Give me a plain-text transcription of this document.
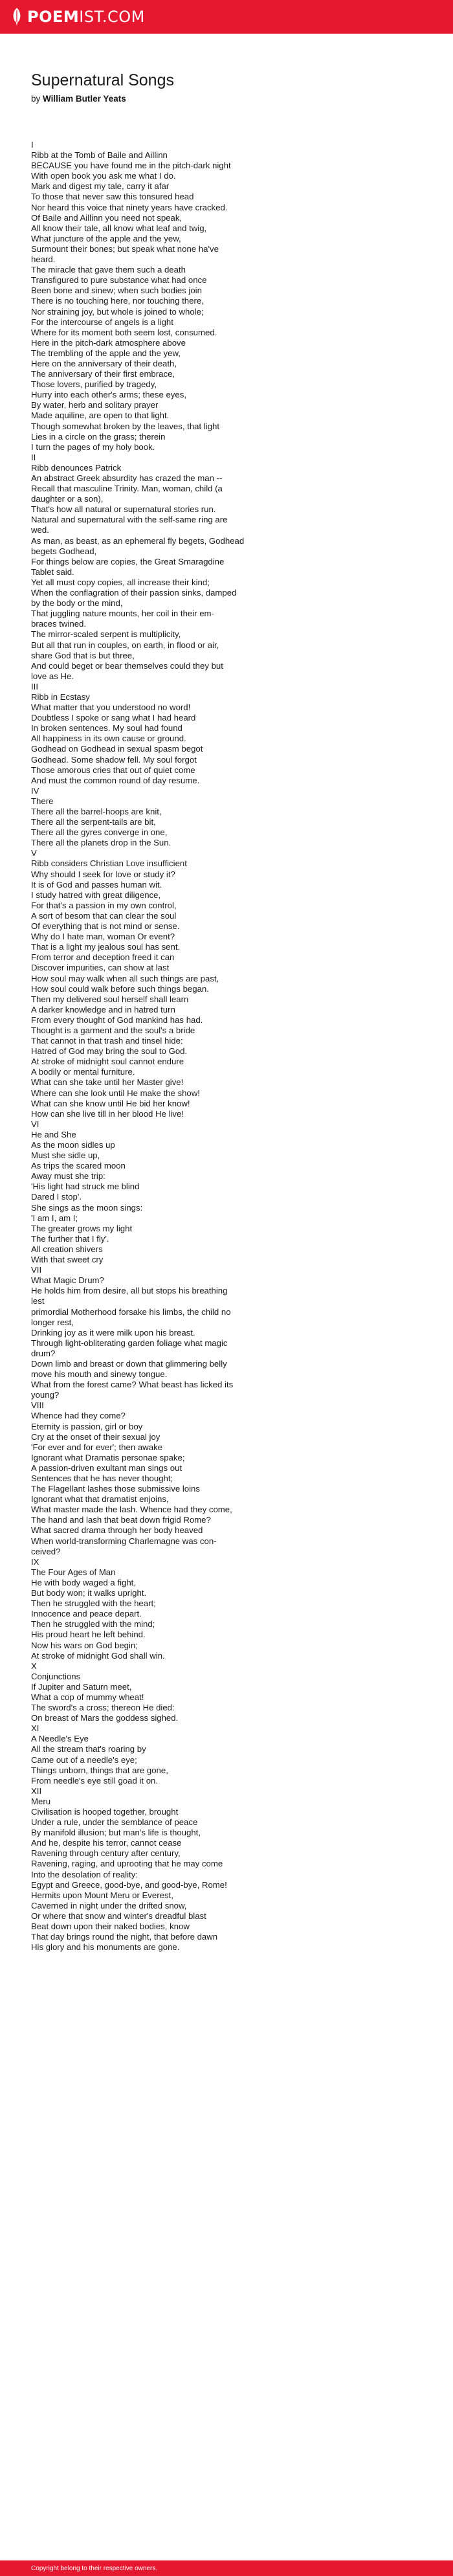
POEMIST.COM
Supernatural Songs
by William Butler Yeats
I
Ribb at the Tomb of Baile and Aillinn
BECAUSE you have found me in the pitch-dark night
With open book you ask me what I do.
Mark and digest my tale, carry it afar
To those that never saw this tonsured head
Nor heard this voice that ninety years have cracked.
Of Baile and Aillinn you need not speak,
All know their tale, all know what leaf and twig,
What juncture of the apple and the yew,
Surmount their bones; but speak what none ha've
heard.
The miracle that gave them such a death
Transfigured to pure substance what had once
Been bone and sinew; when such bodies join
There is no touching here, nor touching there,
Nor straining joy, but whole is joined to whole;
For the intercourse of angels is a light
Where for its moment both seem lost, consumed.
Here in the pitch-dark atmosphere above
The trembling of the apple and the yew,
Here on the anniversary of their death,
The anniversary of their first embrace,
Those lovers, purified by tragedy,
Hurry into each other's arms; these eyes,
By water, herb and solitary prayer
Made aquiline, are open to that light.
Though somewhat broken by the leaves, that light
Lies in a circle on the grass; therein
I turn the pages of my holy book.
II
Ribb denounces Patrick
An abstract Greek absurdity has crazed the man --
Recall that masculine Trinity. Man, woman, child (a
daughter or a son),
That's how all natural or supernatural stories run.
Natural and supernatural with the self-same ring are
wed.
As man, as beast, as an ephemeral fly begets, Godhead
begets Godhead,
For things below are copies, the Great Smaragdine
Tablet said.
Yet all must copy copies, all increase their kind;
When the conflagration of their passion sinks, damped
by the body or the mind,
That juggling nature mounts, her coil in their em-
braces twined.
The mirror-scaled serpent is multiplicity,
But all that run in couples, on earth, in flood or air,
share God that is but three,
And could beget or bear themselves could they but
love as He.
III
Ribb in Ecstasy
What matter that you understood no word!
Doubtless I spoke or sang what I had heard
In broken sentences. My soul had found
All happiness in its own cause or ground.
Godhead on Godhead in sexual spasm begot
Godhead. Some shadow fell. My soul forgot
Those amorous cries that out of quiet come
And must the common round of day resume.
IV
There
There all the barrel-hoops are knit,
There all the serpent-tails are bit,
There all the gyres converge in one,
There all the planets drop in the Sun.
V
Ribb considers Christian Love insufficient
Why should I seek for love or study it?
It is of God and passes human wit.
I study hatred with great diligence,
For that's a passion in my own control,
A sort of besom that can clear the soul
Of everything that is not mind or sense.
Why do I hate man, woman Or event?
That is a light my jealous soul has sent.
From terror and deception freed it can
Discover impurities, can show at last
How soul may walk when all such things are past,
How soul could walk before such things began.
Then my delivered soul herself shall learn
A darker knowledge and in hatred turn
From every thought of God mankind has had.
Thought is a garment and the soul's a bride
That cannot in that trash and tinsel hide:
Hatred of God may bring the soul to God.
At stroke of midnight soul cannot endure
A bodily or mental furniture.
What can she take until her Master give!
Where can she look until He make the show!
What can she know until He bid her know!
How can she live till in her blood He live!
VI
He and She
As the moon sidles up
Must she sidle up,
As trips the scared moon
Away must she trip:
'His light had struck me blind
Dared I stop'.
She sings as the moon sings:
'I am I, am I;
The greater grows my light
The further that I fly'.
All creation shivers
With that sweet cry
VII
What Magic Drum?
He holds him from desire, all but stops his breathing
lest
primordial Motherhood forsake his limbs, the child no
longer rest,
Drinking joy as it were milk upon his breast.
Through light-obliterating garden foliage what magic
drum?
Down limb and breast or down that glimmering belly
move his mouth and sinewy tongue.
What from the forest came? What beast has licked its
young?
VIII
Whence had they come?
Eternity is passion, girl or boy
Cry at the onset of their sexual joy
'For ever and for ever'; then awake
Ignorant what Dramatis personae spake;
A passion-driven exultant man sings out
Sentences that he has never thought;
The Flagellant lashes those submissive loins
Ignorant what that dramatist enjoins,
What master made the lash. Whence had they come,
The hand and lash that beat down frigid Rome?
What sacred drama through her body heaved
When world-transforming Charlemagne was con-
ceived?
IX
The Four Ages of Man
He with body waged a fight,
But body won; it walks upright.
Then he struggled with the heart;
Innocence and peace depart.
Then he struggled with the mind;
His proud heart he left behind.
Now his wars on God begin;
At stroke of midnight God shall win.
X
Conjunctions
If Jupiter and Saturn meet,
What a cop of mummy wheat!
The sword's a cross; thereon He died:
On breast of Mars the goddess sighed.
XI
A Needle's Eye
All the stream that's roaring by
Came out of a needle's eye;
Things unborn, things that are gone,
From needle's eye still goad it on.
XII
Meru
Civilisation is hooped together, brought
Under a rule, under the semblance of peace
By manifold illusion; but man's life is thought,
And he, despite his terror, cannot cease
Ravening through century after century,
Ravening, raging, and uprooting that he may come
Into the desolation of reality:
Egypt and Greece, good-bye, and good-bye, Rome!
Hermits upon Mount Meru or Everest,
Caverned in night under the drifted snow,
Or where that snow and winter's dreadful blast
Beat down upon their naked bodies, know
That day brings round the night, that before dawn
His glory and his monuments are gone.
Copyright belong to their respective owners.
